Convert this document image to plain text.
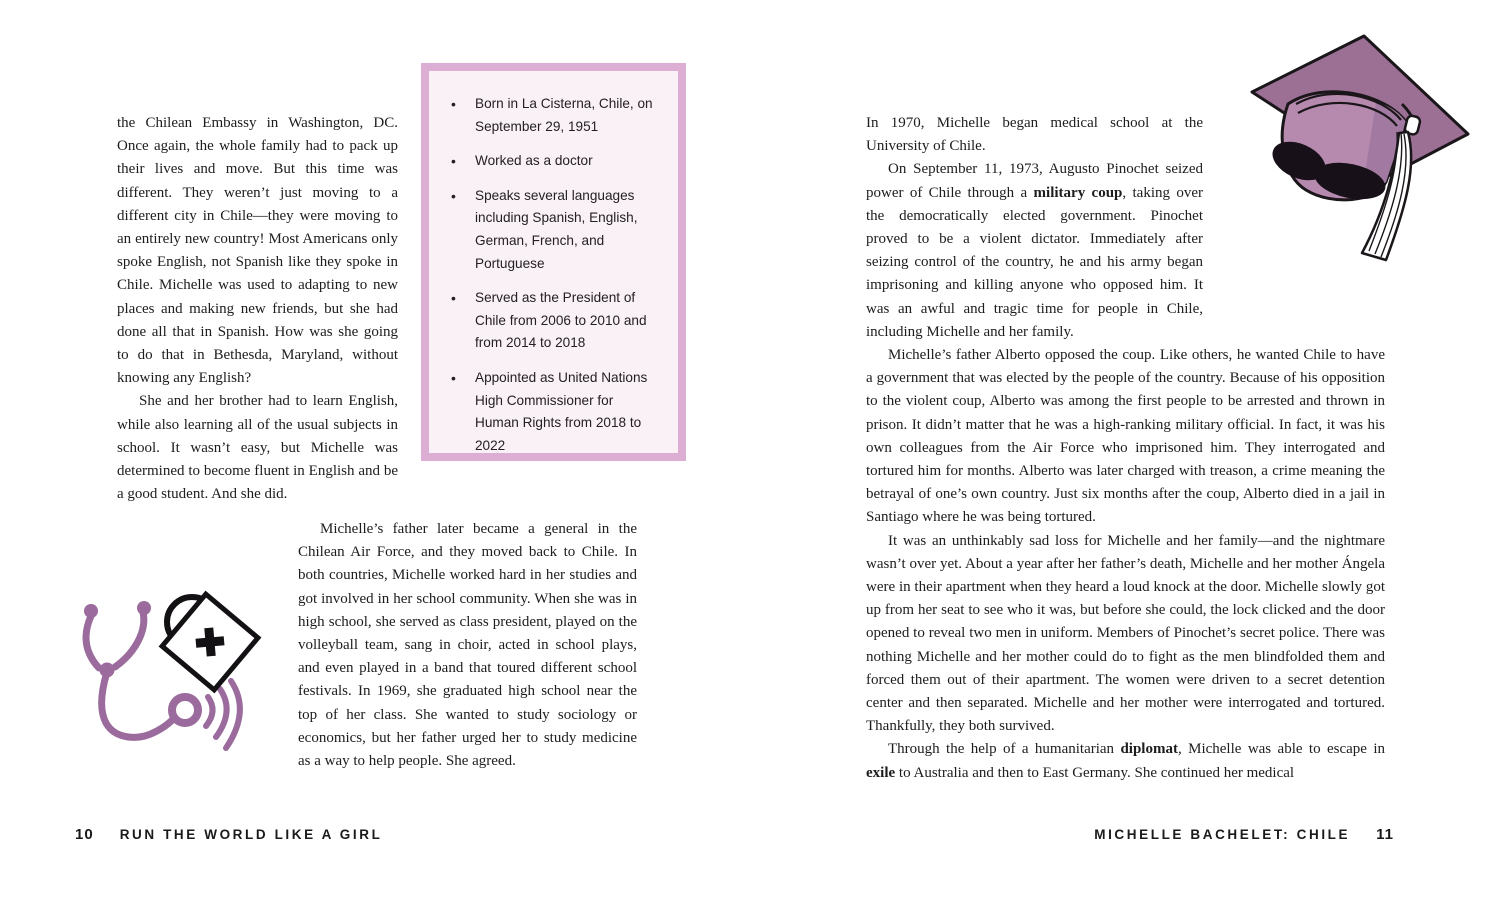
the Chilean Embassy in Washington, DC. Once again, the whole family had to pack up their lives and move. But this time was different. They weren’t just moving to a different city in Chile—they were moving to an entirely new country! Most Americans only spoke English, not Spanish like they spoke in Chile. Michelle was used to adapting to new places and making new friends, but she had done all that in Spanish. How was she going to do that in Bethesda, Maryland, without knowing any English?

She and her brother had to learn English, while also learning all of the usual subjects in school. It wasn’t easy, but Michelle was determined to become fluent in English and be a good student. And she did.

• Born in La Cisterna, Chile, on September 29, 1951
• Worked as a doctor
• Speaks several languages including Spanish, English, German, French, and Portuguese
• Served as the President of Chile from 2006 to 2010 and from 2014 to 2018
• Appointed as United Nations High Commissioner for Human Rights from 2018 to 2022

Michelle’s father later became a general in the Chilean Air Force, and they moved back to Chile. In both countries, Michelle worked hard in her studies and got involved in her school community. When she was in high school, she served as class president, played on the volleyball team, sang in choir, acted in school plays, and even played in a band that toured different school festivals. In 1969, she graduated high school near the top of her class. She wanted to study sociology or economics, but her father urged her to study medicine as a way to help people. She agreed.

In 1970, Michelle began medical school at the University of Chile.

On September 11, 1973, Augusto Pinochet seized power of Chile through a military coup, taking over the democratically elected government. Pinochet proved to be a violent dictator. Immediately after seizing control of the country, he and his army began imprisoning and killing anyone who opposed him. It was an awful and tragic time for people in Chile, including Michelle and her family.

Michelle’s father Alberto opposed the coup. Like others, he wanted Chile to have a government that was elected by the people of the country. Because of his opposition to the violent coup, Alberto was among the first people to be arrested and thrown in prison. It didn’t matter that he was a high-ranking military official. In fact, it was his own colleagues from the Air Force who imprisoned him. They interrogated and tortured him for months. Alberto was later charged with treason, a crime meaning the betrayal of one’s own country. Just six months after the coup, Alberto died in a jail in Santiago where he was being tortured.

It was an unthinkably sad loss for Michelle and her family—and the nightmare wasn’t over yet. About a year after her father’s death, Michelle and her mother Ángela were in their apartment when they heard a loud knock at the door. Michelle slowly got up from her seat to see who it was, but before she could, the lock clicked and the door opened to reveal two men in uniform. Members of Pinochet’s secret police. There was nothing Michelle and her mother could do to fight as the men blindfolded them and forced them out of their apartment. The women were driven to a secret detention center and then separated. Michelle and her mother were interrogated and tortured. Thankfully, they both survived.

Through the help of a humanitarian diplomat, Michelle was able to escape in exile to Australia and then to East Germany. She continued her medical

10 RUN THE WORLD LIKE A GIRL	MICHELLE BACHELET: CHILE 11
